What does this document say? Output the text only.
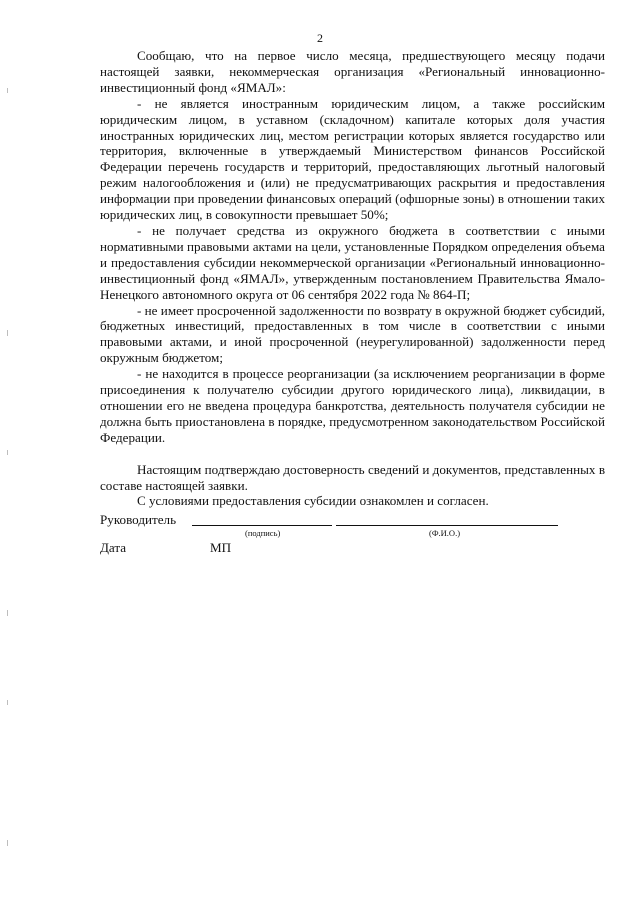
2

Сообщаю, что на первое число месяца, предшествующего месяцу подачи настоящей заявки, некоммерческая организация «Региональный инновационно-инвестиционный фонд «ЯМАЛ»:

- не является иностранным юридическим лицом, а также российским юридическим лицом, в уставном (складочном) капитале которых доля участия иностранных юридических лиц, местом регистрации которых является государство или территория, включенные в утверждаемый Министерством финансов Российской Федерации перечень государств и территорий, предоставляющих льготный налоговый режим налогообложения и (или) не предусматривающих раскрытия и предоставления информации при проведении финансовых операций (офшорные зоны) в отношении таких юридических лиц, в совокупности превышает 50%;

- не получает средства из окружного бюджета в соответствии с иными нормативными правовыми актами на цели, установленные Порядком определения объема и предоставления субсидии некоммерческой организации «Региональный инновационно-инвестиционный фонд «ЯМАЛ», утвержденным постановлением Правительства Ямало-Ненецкого автономного округа от 06 сентября 2022 года № 864-П;

- не имеет просроченной задолженности по возврату в окружной бюджет субсидий, бюджетных инвестиций, предоставленных в том числе в соответствии с иными правовыми актами, и иной просроченной (неурегулированной) задолженности перед окружным бюджетом;

- не находится в процессе реорганизации (за исключением реорганизации в форме присоединения к получателю субсидии другого юридического лица), ликвидации, в отношении его не введена процедура банкротства, деятельность получателя субсидии не должна быть приостановлена в порядке, предусмотренном законодательством Российской Федерации.

Настоящим подтверждаю достоверность сведений и документов, представленных в составе настоящей заявки.

С условиями предоставления субсидии ознакомлен и согласен.

Руководитель
(подпись)	(Ф.И.О.)
Дата	МП
